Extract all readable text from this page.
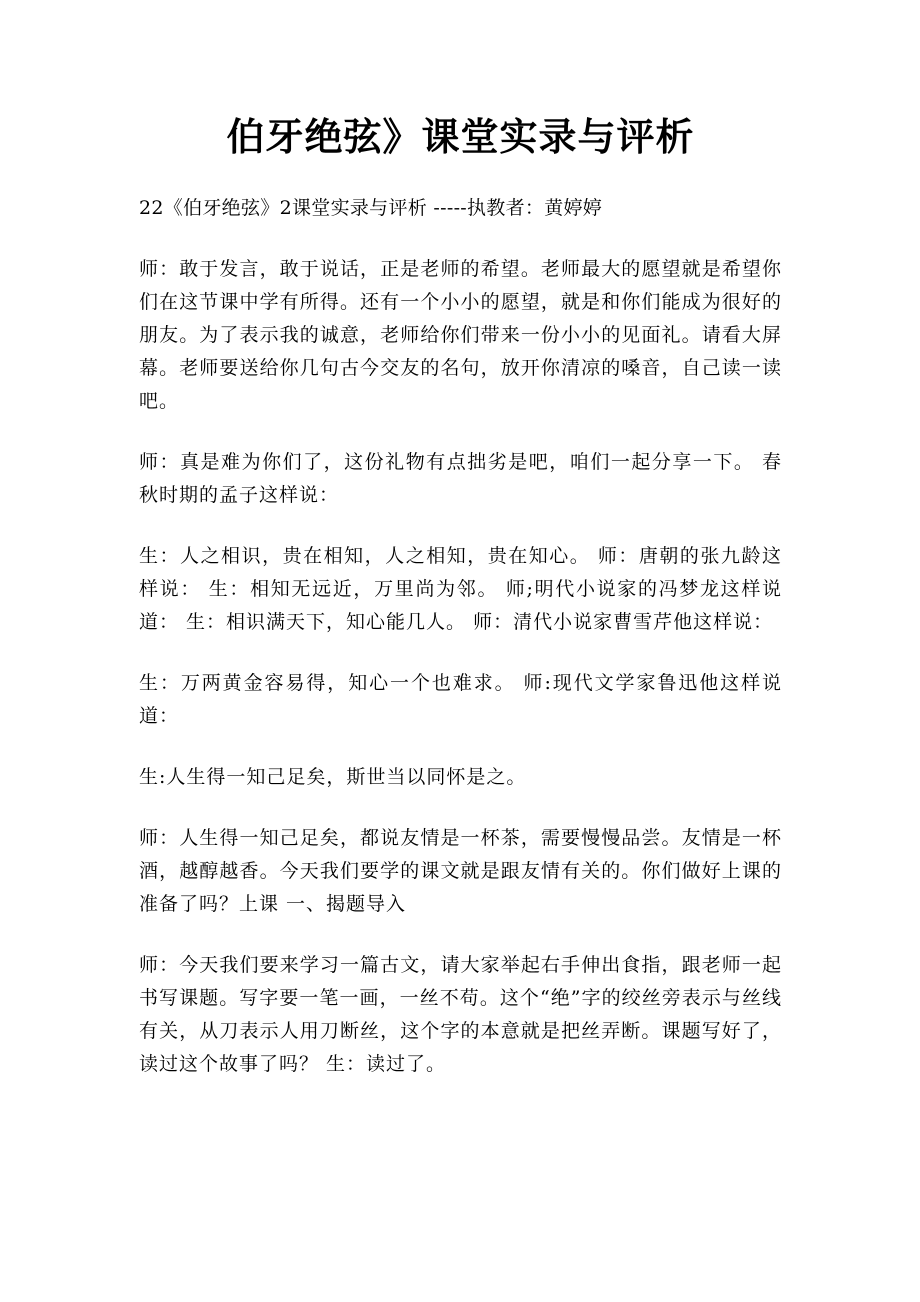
伯牙绝弦》课堂实录与评析

22《伯牙绝弦》2课堂实录与评析 -----执教者：黄婷婷

师：敢于发言，敢于说话，正是老师的希望。老师最大的愿望就是希望你们在这节课中学有所得。还有一个小小的愿望，就是和你们能成为很好的朋友。为了表示我的诚意，老师给你们带来一份小小的见面礼。请看大屏幕。老师要送给你几句古今交友的名句，放开你清凉的嗓音，自己读一读吧。

师：真是难为你们了，这份礼物有点拙劣是吧，咱们一起分享一下。 春秋时期的孟子这样说：

生：人之相识，贵在相知，人之相知，贵在知心。 师：唐朝的张九龄这样说： 生：相知无远近，万里尚为邻。 师;明代小说家的冯梦龙这样说道： 生：相识满天下，知心能几人。 师：清代小说家曹雪芹他这样说：

生：万两黄金容易得，知心一个也难求。 师:现代文学家鲁迅他这样说道：

生:人生得一知己足矣，斯世当以同怀是之。

师：人生得一知己足矣，都说友情是一杯茶，需要慢慢品尝。友情是一杯酒，越醇越香。今天我们要学的课文就是跟友情有关的。你们做好上课的准备了吗？上课 一、揭题导入

师：今天我们要来学习一篇古文，请大家举起右手伸出食指，跟老师一起书写课题。写字要一笔一画，一丝不苟。这个“绝”字的绞丝旁表示与丝线有关，从刀表示人用刀断丝，这个字的本意就是把丝弄断。课题写好了，读过这个故事了吗？ 生：读过了。
